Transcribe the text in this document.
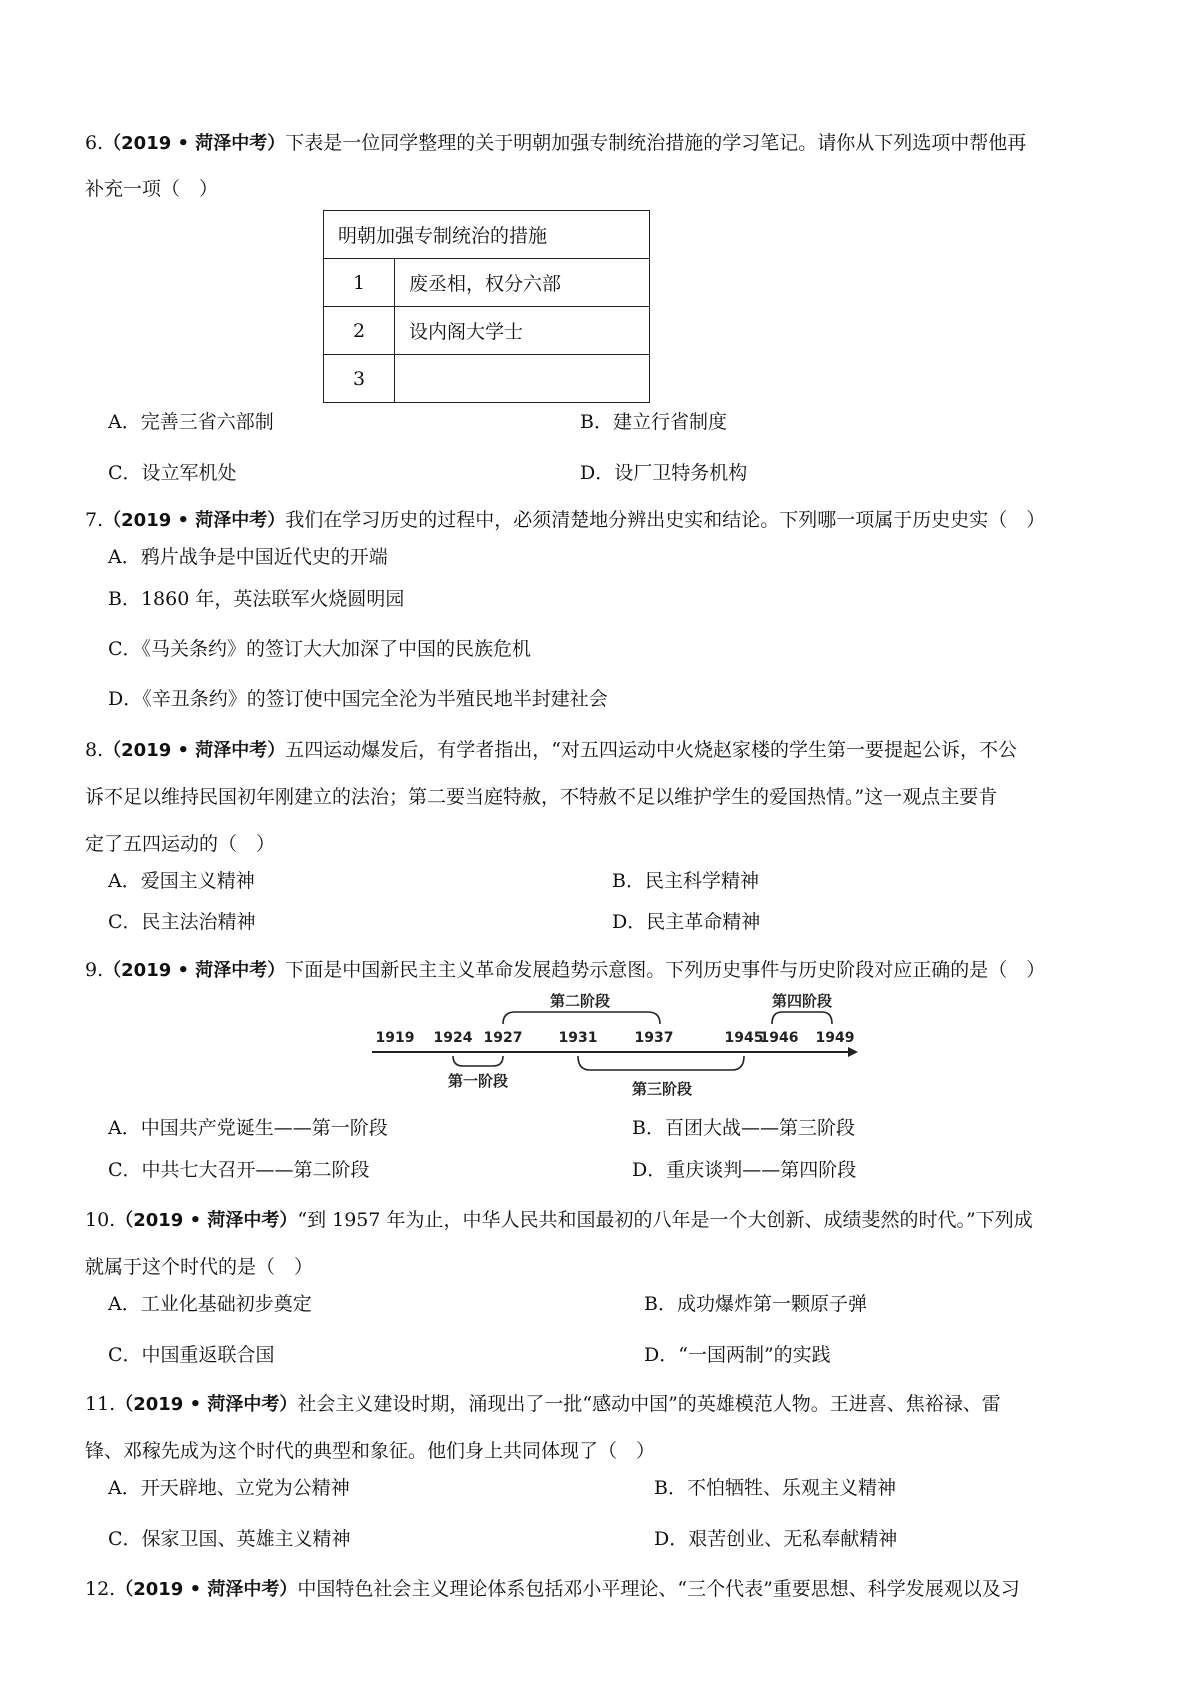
6.（2019 • 菏泽中考）下表是一位同学整理的关于明朝加强专制统治措施的学习笔记。请你从下列选项中帮他再
补充一项（　）
明朝加强专制统治的措施	
1	废丞相，权分六部
2	设内阁大学士
3	
A．完善三省六部制	B．建立行省制度
C．设立军机处	D．设厂卫特务机构
7.（2019 • 菏泽中考）我们在学习历史的过程中，必须清楚地分辨出史实和结论。下列哪一项属于历史史实（　）
A．鸦片战争是中国近代史的开端
B．1860 年，英法联军火烧圆明园
C．《马关条约》的签订大大加深了中国的民族危机
D．《辛丑条约》的签订使中国完全沦为半殖民地半封建社会
8.（2019 • 菏泽中考）五四运动爆发后，有学者指出，“对五四运动中火烧赵家楼的学生第一要提起公诉，不公
诉不足以维持民国初年刚建立的法治；第二要当庭特赦，不特赦不足以维护学生的爱国热情。”这一观点主要肯
定了五四运动的（　）
A．爱国主义精神	B．民主科学精神
C．民主法治精神	D．民主革命精神
9.（2019 • 菏泽中考）下面是中国新民主主义革命发展趋势示意图。下列历史事件与历史阶段对应正确的是（　）
第二阶段	第四阶段
1919 1924 1927	1931	1937	1945
1946 1949
第一阶段	第三阶段
A．中国共产党诞生——第一阶段	B．百团大战——第三阶段
C．中共七大召开——第二阶段	D．重庆谈判——第四阶段
10.（2019 • 菏泽中考）“到 1957 年为止，中华人民共和国最初的八年是一个大创新、成绩斐然的时代。”下列成
就属于这个时代的是（　）
A．工业化基础初步奠定	B．成功爆炸第一颗原子弹
C．中国重返联合国	D．“一国两制”的实践
11.（2019 • 菏泽中考）社会主义建设时期，涌现出了一批“感动中国”的英雄模范人物。王进喜、焦裕禄、雷
锋、邓稼先成为这个时代的典型和象征。他们身上共同体现了（　）
A．开天辟地、立党为公精神	B．不怕牺牲、乐观主义精神
C．保家卫国、英雄主义精神	D．艰苦创业、无私奉献精神
12.（2019 • 菏泽中考）中国特色社会主义理论体系包括邓小平理论、“三个代表”重要思想、科学发展观以及习
